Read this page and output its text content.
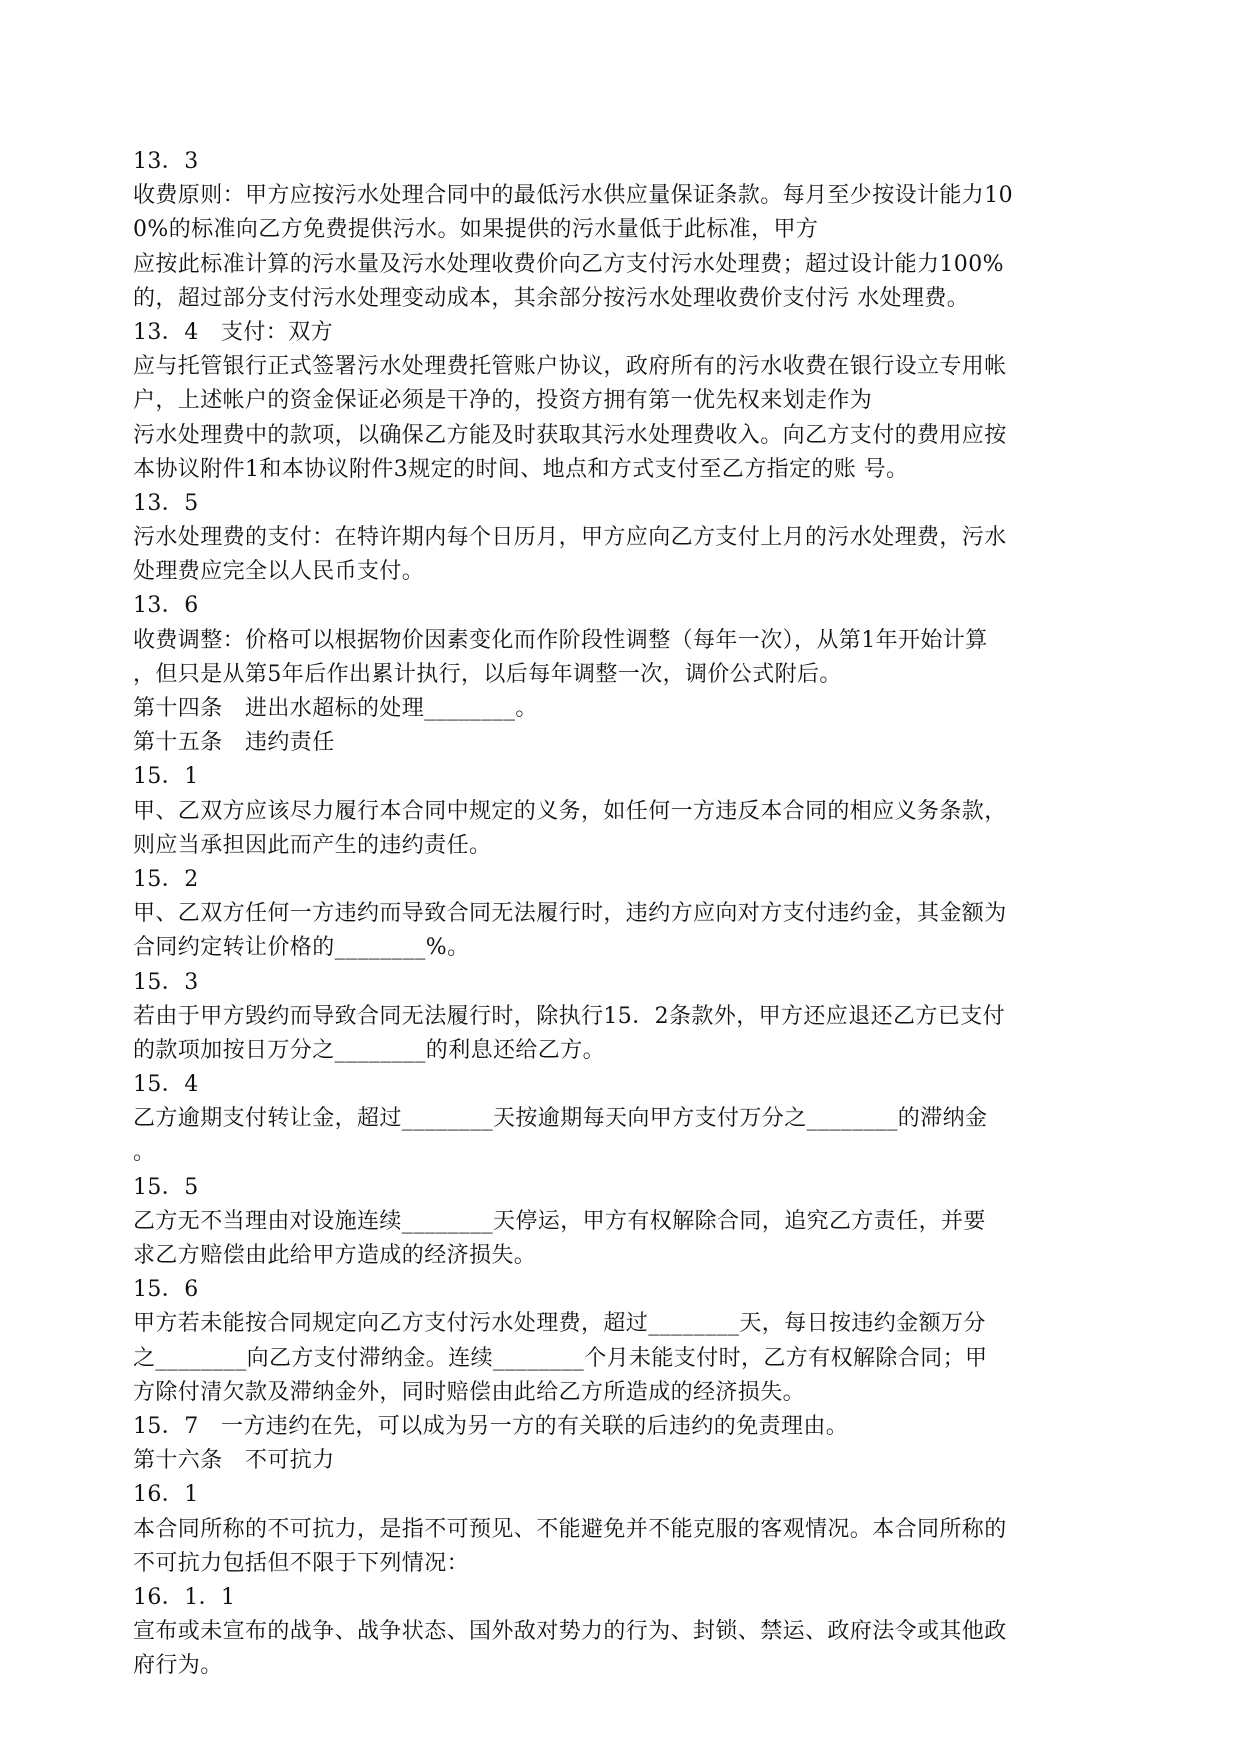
13．3
收费原则：甲方应按污水处理合同中的最低污水供应量保证条款。每月至少按设计能力10
0%的标准向乙方免费提供污水。如果提供的污水量低于此标准，甲方
应按此标准计算的污水量及污水处理收费价向乙方支付污水处理费；超过设计能力100%
的，超过部分支付污水处理变动成本，其余部分按污水处理收费价支付污 水处理费。
13．4　支付：双方
应与托管银行正式签署污水处理费托管账户协议，政府所有的污水收费在银行设立专用帐
户，上述帐户的资金保证必须是干净的，投资方拥有第一优先权来划走作为
污水处理费中的款项，以确保乙方能及时获取其污水处理费收入。向乙方支付的费用应按
本协议附件1和本协议附件3规定的时间、地点和方式支付至乙方指定的账 号。
13．5
污水处理费的支付：在特许期内每个日历月，甲方应向乙方支付上月的污水处理费，污水
处理费应完全以人民币支付。
13．6
收费调整：价格可以根据物价因素变化而作阶段性调整（每年一次），从第1年开始计算
，但只是从第5年后作出累计执行，以后每年调整一次，调价公式附后。
第十四条　进出水超标的处理________。
第十五条　违约责任
15．1
甲、乙双方应该尽力履行本合同中规定的义务，如任何一方违反本合同的相应义务条款，
则应当承担因此而产生的违约责任。
15．2
甲、乙双方任何一方违约而导致合同无法履行时，违约方应向对方支付违约金，其金额为
合同约定转让价格的________%。
15．3
若由于甲方毁约而导致合同无法履行时，除执行15．2条款外，甲方还应退还乙方已支付
的款项加按日万分之________的利息还给乙方。
15．4
乙方逾期支付转让金，超过________天按逾期每天向甲方支付万分之________的滞纳金
。
15．5
乙方无不当理由对设施连续________天停运，甲方有权解除合同，追究乙方责任，并要
求乙方赔偿由此给甲方造成的经济损失。
15．6
甲方若未能按合同规定向乙方支付污水处理费，超过________天，每日按违约金额万分
之________向乙方支付滞纳金。连续________个月未能支付时，乙方有权解除合同；甲
方除付清欠款及滞纳金外，同时赔偿由此给乙方所造成的经济损失。
15．7　一方违约在先，可以成为另一方的有关联的后违约的免责理由。
第十六条　不可抗力
16．1
本合同所称的不可抗力，是指不可预见、不能避免并不能克服的客观情况。本合同所称的
不可抗力包括但不限于下列情况：
16．1．1
宣布或未宣布的战争、战争状态、国外敌对势力的行为、封锁、禁运、政府法令或其他政
府行为。
